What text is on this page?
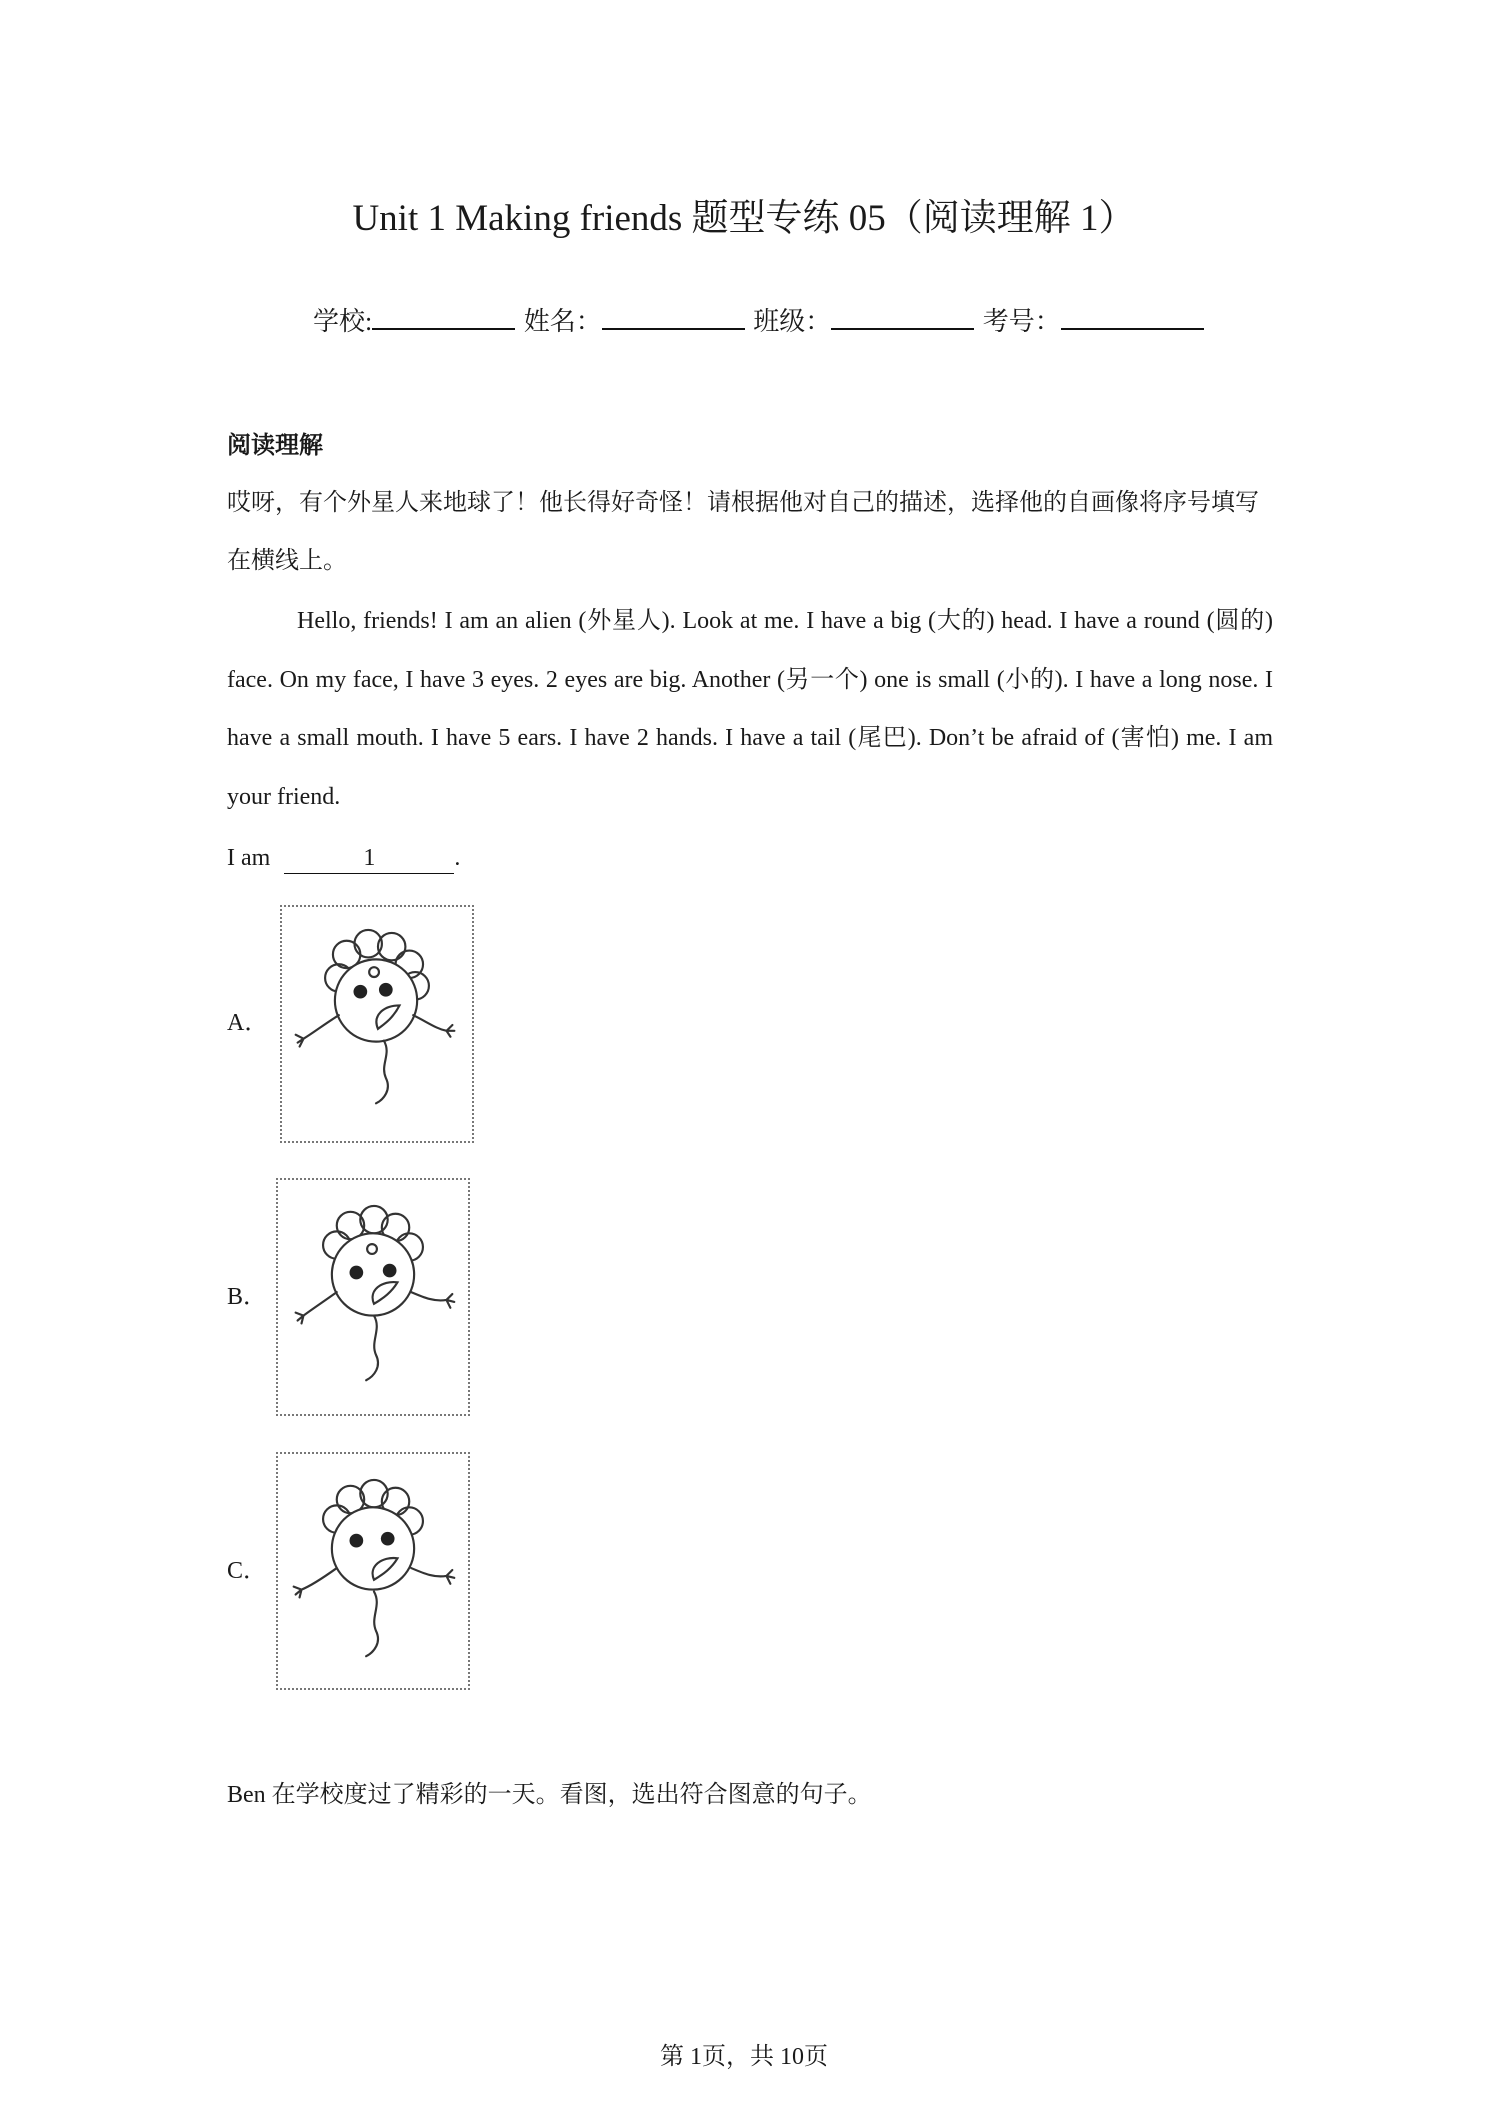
Unit 1 Making friends 题型专练 05（阅读理解 1）
学校:	姓名：	班级：	考号：
阅读理解
哎呀，有个外星人来地球了！他长得好奇怪！请根据他对自己的描述，选择他的自画像将序号填写在横线上。
Hello, friends! I am an alien (外星人). Look at me. I have a big (大的) head. I have a round (圆的) face. On my face, I have 3 eyes. 2 eyes are big. Another (另一个) one is small (小的). I have a long nose. I have a small mouth. I have 5 ears. I have 2 hands. I have a tail (尾巴). Don’t be afraid of (害怕) me. I am your friend.
I am	1	.
A．
B．
C．
Ben 在学校度过了精彩的一天。看图，选出符合图意的句子。
第 1页，共 10页
